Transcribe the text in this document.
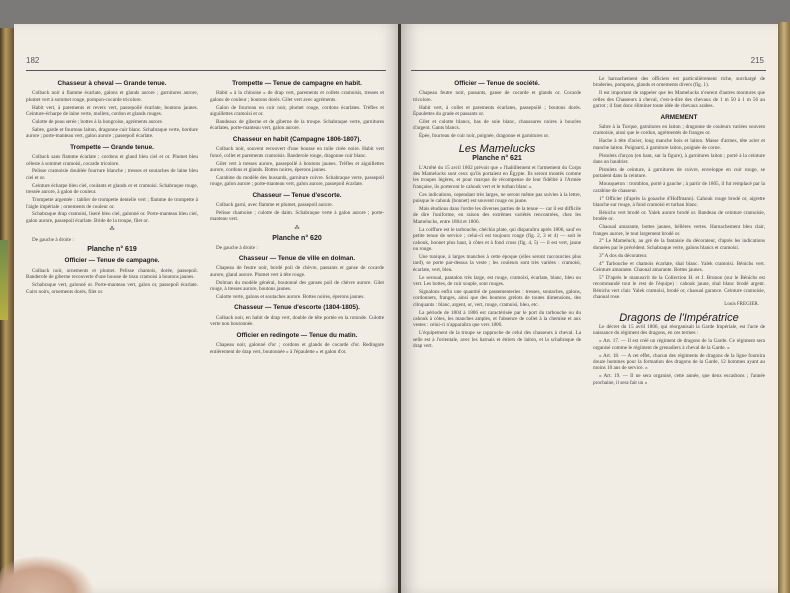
182
Chasseur à cheval — Grande tenue.

Colback noir à flamme écarlate, galons et glands aurore ; garnitures aurore, plumet vert à sommet rouge, pompon-cocarde tricolore.

Habit vert, à parements et revers vert, passepoilé écarlate, boutons jaunes. Ceinture-écharpe de laine verte, mollets, cordon et glands rouges.

Culotte de peau serée ; bottes à la hongroise, agréments aurore.

Sabre, garde et fourreau laiton, dragonne cuir blanc. Schabraque verte, bordure aurore ; porte-manteau vert, galon aurore ; passepoil écarlate.

Trompette — Grande tenue.

Colback sans flamme écarlate ; cordons et gland bleu ciel et or. Plumet bleu céleste à sommet cramoisi, cocarde tricolore.

Pelisse cramoisie doublée fourrure blanche ; tresses et soutaches de laine bleu ciel et or.

Ceinture écharpe bleu ciel, coulants et glands or et cramoisi. Schabraque rouge, tressée aurore, à galon de couleur.

Trompette argentée : tablier de trompette dentelle vert ; flamme de trompette à l'aigle impériale ; ornements de couleur or.

Schabraque drap cramoisi, liseré bleu ciel, galonné or. Porte-manteau bleu ciel, galon aurore, passepoil écarlate. Bride de la troupe, filet or.

⁂

De gauche à droite :

Planche n° 619
Officier — Tenue de campagne.

Colback noir, ornements et plumet. Pelisse chamois, dorée, passepoil. Banderole de giberne recouverte d'une housse de tissu cramoisi à boutons jaunes.

Schabraque vert, galonné or. Porte-manteau vert, galon or, passepoil écarlate. Cuirs noirs, ornements dorés, filet or.

Trompette — Tenue de campagne en habit.

Habit « à la chinoise » de drap vert, parements et collets cramoisis, tresses et galons de couleur ; boutons dorés. Gilet vert avec agréments.

Galon de fourreau en cuir noir, plumet rouge, cordons écarlates. Trèfles et aiguillettes cramoisi et or.

Bandeaux de giberne et de giberne de la troupe. Schabraque verte, garnitures écarlates, porte-manteau vert, galon aurore.

Chasseur en habit (Campagne 1806-1807).

Colback noir, souvent recouvert d'une housse en toile cirée noire. Habit vert foncé, collet et parements cramoisis. Banderole rouge, dragonne cuir blanc.

Gilet vert à tresses aurore, passepoilé à boutons jaunes. Trèfles et aiguillettes aurore, cordons et glands. Bottes noires, éperons jaunes.

Carabine du modèle des hussards, garniture cuivre. Schabraque verte, passepoil rouge, galon aurore ; porte-manteau vert, galon aurore, passepoil écarlate.

Chasseur — Tenue d'escorte.

Colback garni, avec flamme et plumet, passepoil aurore.

Pelisse chamoise ; culotte de daim. Schabraque verte à galon aurore ; porte-manteau vert.

⁂
Planche n° 620

De gauche à droite :

Chasseur — Tenue de ville en dolman.

Chapeau de feutre noir, bordé poil de chèvre, passants et ganse de cocarde aurore, gland aurore. Plumet vert à tête rouge.

Dolman du modèle général, boutonné des ganses poil de chèvre aurore. Gilet rouge, à tresses aurore, boutons jaunes.

Culotte verte, galons et soutaches aurore. Bottes noires, éperons jaunes.

Chasseur — Tenue d'escorte (1804-1805).

Colback noir, en habit de drap vert, double de tête portée en la rotonde. Culotte verte non boutonnée.

Officier en redingote — Tenue du matin.

Chapeau noir, galonné d'or ; cordons et glands de cocarde d'or. Redingote entièrement de drap vert, boutonnée « à l'épaulette » et galon d'or.

215
Officier — Tenue de société.

Chapeau feutre noir, passants, ganse de cocarde et glands or. Cocarde tricolore.

Habit vert, à collet et parements écarlates, passepoilé ; boutons dorés. Épaulettes du grade et passants or.

Gilet et culotte blancs, bas de soie blanc, chaussures noires à boucles d'argent. Gants blancs.

Épée, fourreau de cuir noir, poignée, dragonne et garnitures or.

Les Mamelucks
Planche n° 621

L'Arrêté du 15 avril 1802 prévoit que « l'habillement et l'armement du Corps des Mamelucks sont ceux qu'ils portaient en Égypte. Ils seront montés comme les troupes légères, et pour marque de récompense de leur fidélité à l'Armée française, ils porteront le cahouk vert et le turban blanc ».

Ces indications, cependant très larges, ne seront même pas suivies à la lettre, puisque le cahouk (bonnet) est souvent rouge ou jaune.

Mais étudions dans l'ordre les diverses parties de la tenue — car il est difficile de dire l'uniforme, en raison des extrêmes variétés rencontrées, chez les Mamelucks, entre 1804 et 1806.

La coiffure est le tarbouche, chéchia plate, qui disparaîtra après 1806, sauf en petite tenue de service ; celui-ci est toujours rouge (fig. 2, 3 et 4) — soit le cahouk, bonnet plus haut, à côtes et à fond cross (fig. 4, 5) — il est vert, jaune ou rouge.

Une tunique, à larges manches à cette époque (elles seront raccourcies plus tard), se porte par-dessus la veste ; les couleurs sont très variées : cramoisi, écarlate, vert, bleu.

Le seroual, pantalon très large, est rouge, cramoisi, écarlate, blanc, bleu ou vert. Les bottes, de cuir souple, sont rouges.

Signalons enfin une quantité de passementeries : tresses, soutaches, galons, cordonnets, franges, ainsi que des boutons grelots de toutes dimensions, des clinquants : blanc, argent, or, vert, rouge, cramoisi, bleu, etc.

La période de 1804 à 1806 est caractérisée par le port du tarbouche ou du cahouk à côtes, les manches amples, et l'absence de collet à la chemise et aux vestes : celui-ci n'apparaîtra que vers 1806.

L'équipement de la troupe se rapproche de celui des chasseurs à cheval. La selle est à l'orientale, avec les harnais et étriers de laiton, et la schabraque de drap vert.

Le harnachement des officiers est particulièrement riche, surchargé de broderies, pompons, glands et ornements divers (fig. 1).

Il est important de rappeler que les Mamelucks n'eurent d'autres montures que celles des Chasseurs à cheval, c'est-à-dire des chevaux de 1 m 50 à 1 m 56 au garrot ; il faut donc éliminer toute idée de chevaux arabes.

ARMEMENT

Sabre à la Turque, garnitures en laiton ; dragonne de couleurs variées souvent cramoisie, ainsi que le cordon, agrémentés de franges or.

Hache à tête d'acier, long manche bois et laiton. Masse d'armes, tête acier et manche laiton. Poignard, à garniture laiton, poignée de corne.

Pistolets d'arçon (en haut, sur la figure), à garnitures laiton ; porté à la ceinture dans un baudrier.

Pistolets de ceinture, à garnitures de cuivre, enveloppe en cuir rouge, se portaient dans la ceinture.

Mousqueton : tromblon, porté à gauche ; à partir de 1805, il fut remplacé par la carabine de chasseur.

1° Officier (d'après la gouache d'Hoffmann). Cahouk rouge brodé or, aigrette blanche sur rouge, à fond cramoisi et turban blanc.

Bénichs vert brodé or. Yalek aurore brodé or. Bandeau de ceinture cramoisie, brodée or.

Chaoual amarante, bottes jaunes, bélières vertes. Harnachement bleu clair, franges aurore, le tout largement brodé or.

2° Le Mameluck, au gré de la fantaisie du décorateur, d'après les indications données par le précédent. Schabraque verte, galons blancs et cramoisi.

3° A dos du décorateur.

4° Tarbouche et chamois écarlate, shal blanc. Yalek cramoisi. Bénichs vert. Ceinture amarante. Chaoual amarante. Bottes jaunes.

5° D'après le manuscrit de la Collection H. et J. Brunon (sur le Bénichs est recommandé tout le rest de l'équipe) : cahouk jaune, shal blanc brodé argent. Bénichs vert clair. Yalek cramoisi, brodé or, chaoual garance. Ceinture cramoisie, chaoual rose.

Louis FREGIER.
Dragons de l'Impératrice

Le décret du 15 avril 1806, qui réorganisait la Garde Impériale, est l'acte de naissance du régiment des dragons, en ces termes :

« Art. 17. — Il est créé un régiment de dragons de la Garde. Ce régiment sera organisé comme le régiment de grenadiers à cheval de la Garde. »

« Art. 18. — A cet effet, chacun des régiments de dragons de la ligne fournira douze hommes pour la formation des dragons de la Garde, 12 hommes ayant au moins 10 ans de service. »

« Art. 19. — Il ne sera organisé, cette année, que deux escadrons ; l'année prochaine, il sera fait un »
